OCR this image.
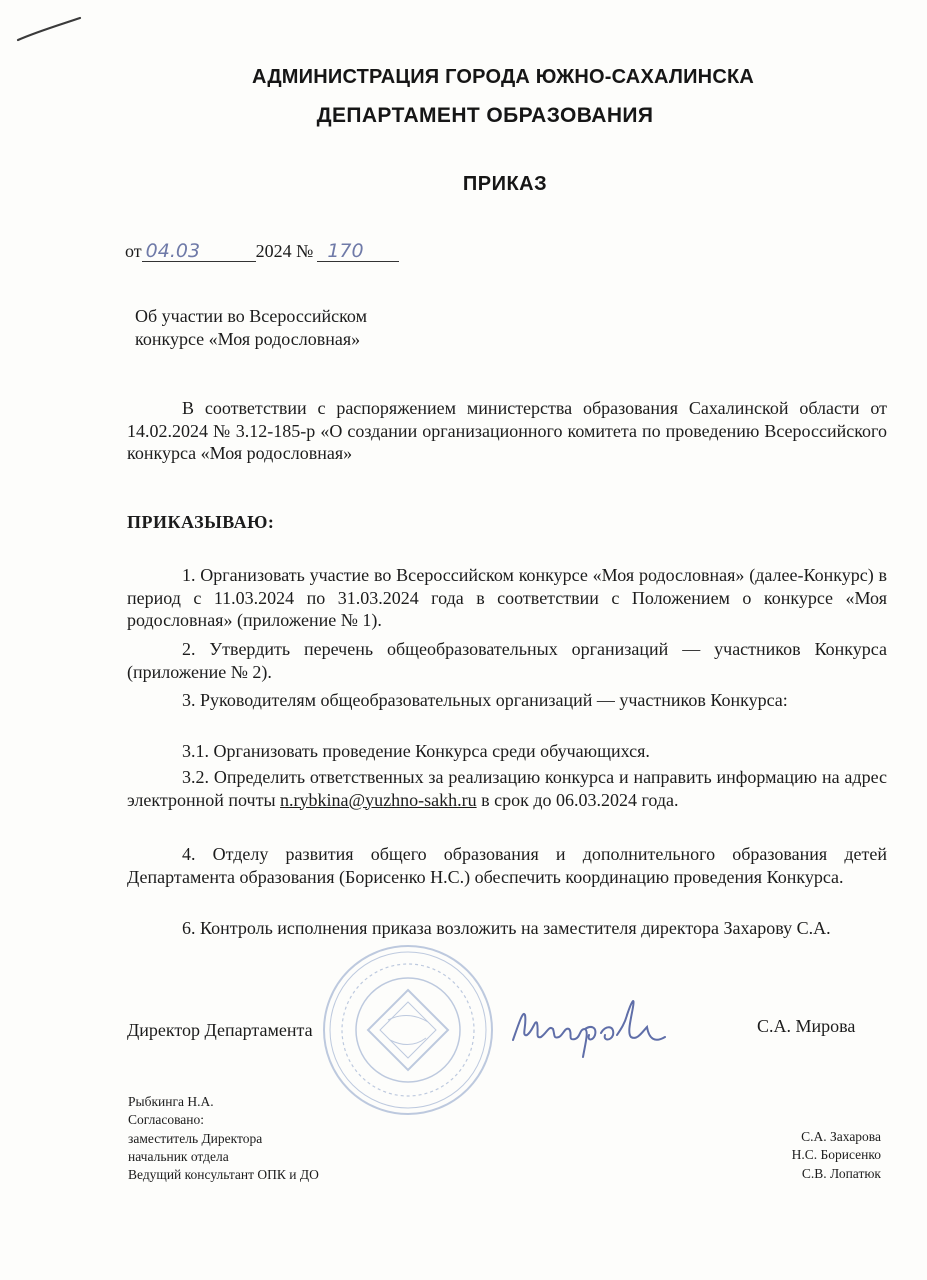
АДМИНИСТРАЦИЯ ГОРОДА ЮЖНО-САХАЛИНСКА
ДЕПАРТАМЕНТ ОБРАЗОВАНИЯ
ПРИКАЗ
от 04.03	2024 № 170
Об участии во Всероссийском
конкурсе «Моя родословная»
В соответствии с распоряжением министерства образования Сахалинской области от 14.02.2024 № 3.12-185-р «О создании организационного комитета по проведению Всероссийского конкурса «Моя родословная»
ПРИКАЗЫВАЮ:
1. Организовать участие во Всероссийском конкурсе «Моя родословная» (далее-Конкурс) в период с 11.03.2024 по 31.03.2024 года в соответствии с Положением о конкурсе «Моя родословная» (приложение № 1).
2. Утвердить перечень общеобразовательных организаций — участников Конкурса (приложение № 2).
3. Руководителям общеобразовательных организаций — участников Конкурса:
3.1. Организовать проведение Конкурса среди обучающихся.
3.2. Определить ответственных за реализацию конкурса и направить информацию на адрес электронной почты n.rybkina@yuzhno-sakh.ru в срок до 06.03.2024 года.
4. Отделу развития общего образования и дополнительного образования детей Департамента образования (Борисенко Н.С.) обеспечить координацию проведения Конкурса.
6. Контроль исполнения приказа возложить на заместителя директора Захарову С.А.
Директор Департамента	С.А. Мирова
Рыбкинга Н.А.
Согласовано:
заместитель Директора
начальник отдела
Ведущий консультант ОПК и ДО
С.А. Захарова
Н.С. Борисенко
С.В. Лопатюк
